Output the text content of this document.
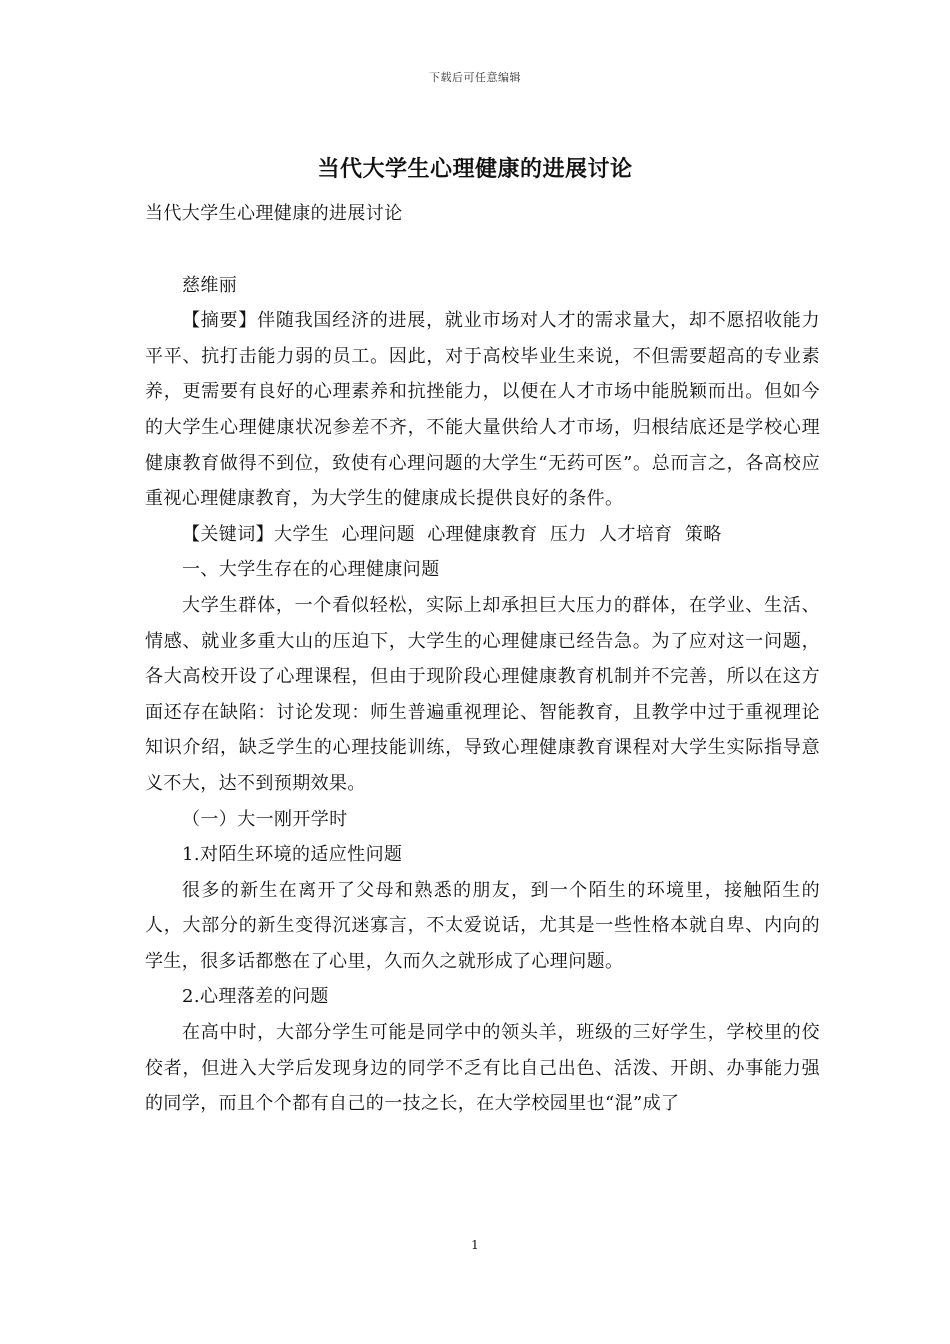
下载后可任意编辑
当代大学生心理健康的进展讨论

当代大学生心理健康的进展讨论

慈维丽

【摘要】伴随我国经济的进展，就业市场对人才的需求量大，却不愿招收能力平平、抗打击能力弱的员工。因此，对于高校毕业生来说，不但需要超高的专业素养，更需要有良好的心理素养和抗挫能力，以便在人才市场中能脱颖而出。但如今的大学生心理健康状况参差不齐，不能大量供给人才市场，归根结底还是学校心理健康教育做得不到位，致使有心理问题的大学生“无药可医”。总而言之，各高校应重视心理健康教育，为大学生的健康成长提供良好的条件。

【关键词】大学生  心理问题  心理健康教育  压力  人才培育  策略

一、大学生存在的心理健康问题

大学生群体，一个看似轻松，实际上却承担巨大压力的群体，在学业、生活、情感、就业多重大山的压迫下，大学生的心理健康已经告急。为了应对这一问题，各大高校开设了心理课程，但由于现阶段心理健康教育机制并不完善，所以在这方面还存在缺陷：讨论发现：师生普遍重视理论、智能教育，且教学中过于重视理论知识介绍，缺乏学生的心理技能训练，导致心理健康教育课程对大学生实际指导意义不大，达不到预期效果。

（一）大一刚开学时

1.对陌生环境的适应性问题

很多的新生在离开了父母和熟悉的朋友，到一个陌生的环境里，接触陌生的人，大部分的新生变得沉迷寡言，不太爱说话，尤其是一些性格本就自卑、内向的学生，很多话都憋在了心里，久而久之就形成了心理问题。

2.心理落差的问题

在高中时，大部分学生可能是同学中的领头羊，班级的三好学生，学校里的佼佼者，但进入大学后发现身边的同学不乏有比自己出色、活泼、开朗、办事能力强的同学，而且个个都有自己的一技之长，在大学校园里也“混”成了

1
